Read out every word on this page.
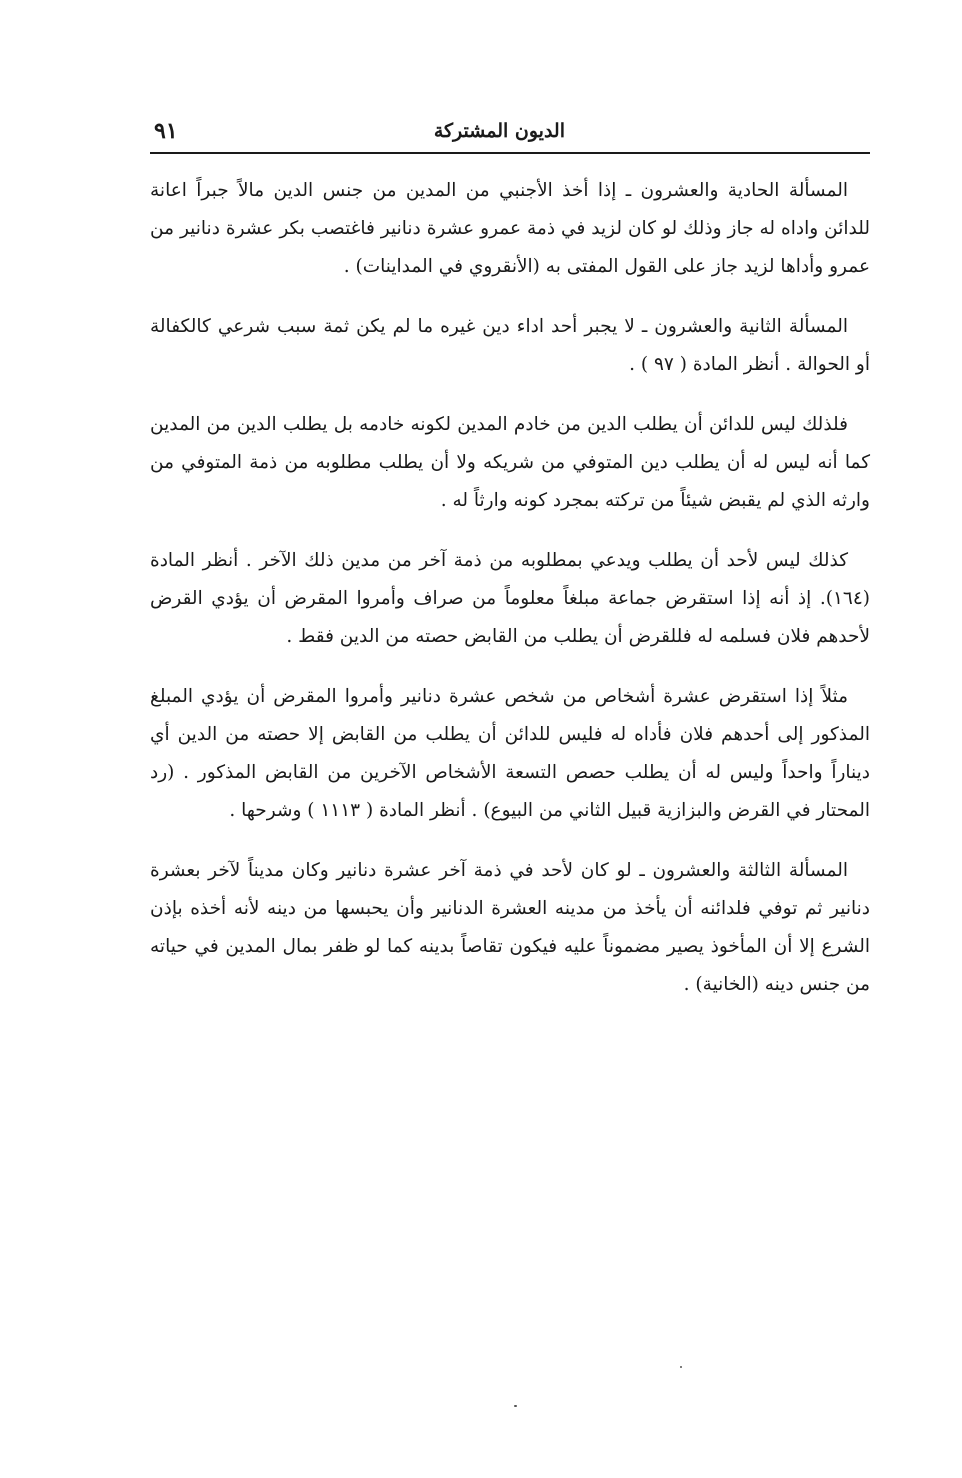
الديون المشتركة
٩١

المسألة الحادية والعشرون ـ إذا أخذ الأجنبي من المدين من جنس الدين مالاً جبراً اعانة للدائن واداه له جاز وذلك لو كان لزيد في ذمة عمرو عشرة دنانير فاغتصب بكر عشرة دنانير من عمرو وأداها لزيد جاز على القول المفتى به (الأنقروي في المداينات) .

المسألة الثانية والعشرون ـ لا يجبر أحد اداء دين غيره ما لم يكن ثمة سبب شرعي كالكفالة أو الحوالة . أنظر المادة ( ٩٧ ) .

فلذلك ليس للدائن أن يطلب الدين من خادم المدين لكونه خادمه بل يطلب الدين من المدين كما أنه ليس له أن يطلب دين المتوفي من شريكه ولا أن يطلب مطلوبه من ذمة المتوفي من وارثه الذي لم يقبض شيئاً من تركته بمجرد كونه وارثاً له .

كذلك ليس لأحد أن يطلب ويدعي بمطلوبه من ذمة آخر من مدين ذلك الآخر . أنظر المادة (١٦٤). إذ أنه إذا استقرض جماعة مبلغاً معلوماً من صراف وأمروا المقرض أن يؤدي القرض لأحدهم فلان فسلمه له فللقرض أن يطلب من القابض حصته من الدين فقط .

مثلاً إذا استقرض عشرة أشخاص من شخص عشرة دنانير وأمروا المقرض أن يؤدي المبلغ المذكور إلى أحدهم فلان فأداه له فليس للدائن أن يطلب من القابض إلا حصته من الدين أي ديناراً واحداً وليس له أن يطلب حصص التسعة الأشخاص الآخرين من القابض المذكور . (رد المحتار في القرض والبزازية قبيل الثاني من البيوع) . أنظر المادة ( ١١١٣ ) وشرحها .

المسألة الثالثة والعشرون ـ لو كان لأحد في ذمة آخر عشرة دنانير وكان مديناً لآخر بعشرة دنانير ثم توفي فلدائنه أن يأخذ من مدينه العشرة الدنانير وأن يحبسها من دينه لأنه أخذه بإذن الشرع إلا أن المأخوذ يصير مضموناً عليه فيكون تقاصاً بدينه كما لو ظفر بمال المدين في حياته من جنس دينه (الخانية) .
